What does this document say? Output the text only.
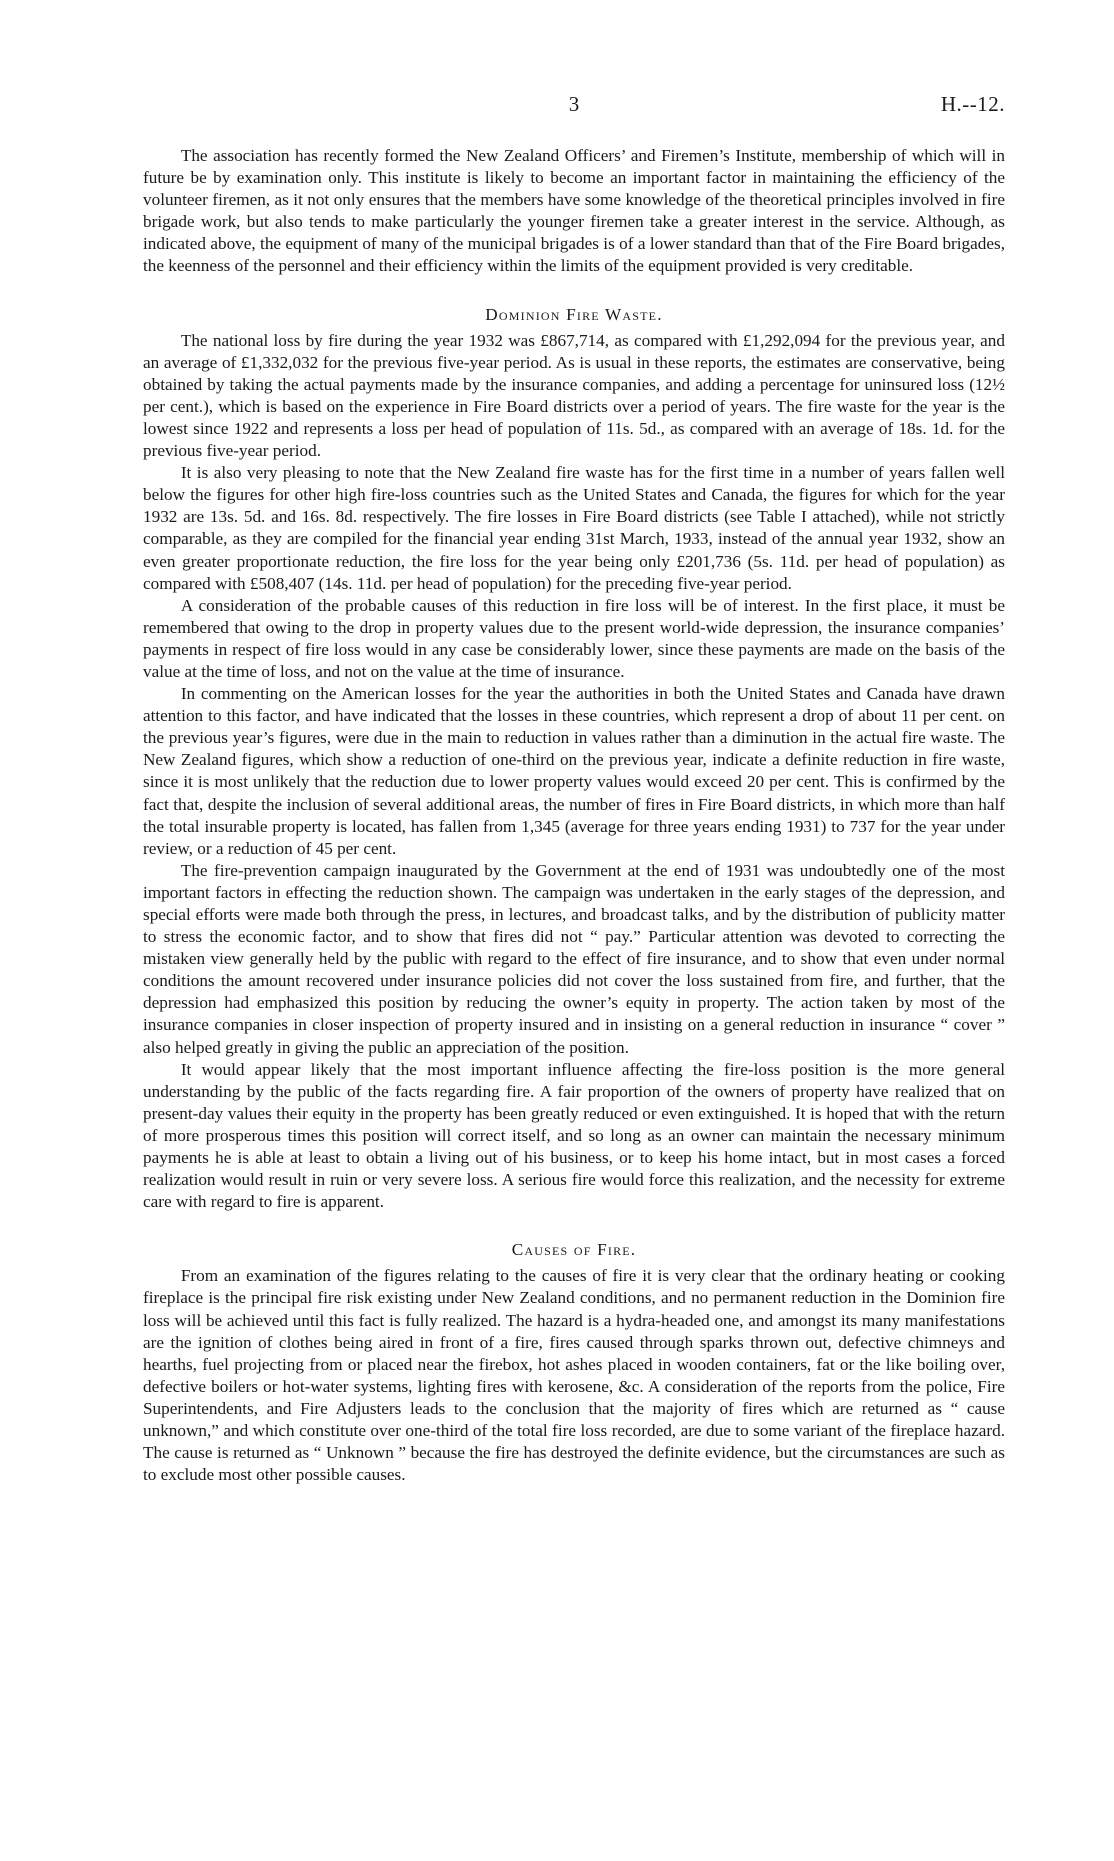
3	H.--12.

The association has recently formed the New Zealand Officers’ and Firemen’s Institute, membership of which will in future be by examination only. This institute is likely to become an important factor in maintaining the efficiency of the volunteer firemen, as it not only ensures that the members have some knowledge of the theoretical principles involved in fire brigade work, but also tends to make particularly the younger firemen take a greater interest in the service. Although, as indicated above, the equipment of many of the municipal brigades is of a lower standard than that of the Fire Board brigades, the keenness of the personnel and their efficiency within the limits of the equipment provided is very creditable.

Dominion Fire Waste.

The national loss by fire during the year 1932 was £867,714, as compared with £1,292,094 for the previous year, and an average of £1,332,032 for the previous five-year period. As is usual in these reports, the estimates are conservative, being obtained by taking the actual payments made by the insurance companies, and adding a percentage for uninsured loss (12½ per cent.), which is based on the experience in Fire Board districts over a period of years. The fire waste for the year is the lowest since 1922 and represents a loss per head of population of 11s. 5d., as compared with an average of 18s. 1d. for the previous five-year period.

It is also very pleasing to note that the New Zealand fire waste has for the first time in a number of years fallen well below the figures for other high fire-loss countries such as the United States and Canada, the figures for which for the year 1932 are 13s. 5d. and 16s. 8d. respectively. The fire losses in Fire Board districts (see Table I attached), while not strictly comparable, as they are compiled for the financial year ending 31st March, 1933, instead of the annual year 1932, show an even greater proportionate reduction, the fire loss for the year being only £201,736 (5s. 11d. per head of population) as compared with £508,407 (14s. 11d. per head of population) for the preceding five-year period.

A consideration of the probable causes of this reduction in fire loss will be of interest. In the first place, it must be remembered that owing to the drop in property values due to the present world-wide depression, the insurance companies’ payments in respect of fire loss would in any case be considerably lower, since these payments are made on the basis of the value at the time of loss, and not on the value at the time of insurance.

In commenting on the American losses for the year the authorities in both the United States and Canada have drawn attention to this factor, and have indicated that the losses in these countries, which represent a drop of about 11 per cent. on the previous year’s figures, were due in the main to reduction in values rather than a diminution in the actual fire waste. The New Zealand figures, which show a reduction of one-third on the previous year, indicate a definite reduction in fire waste, since it is most unlikely that the reduction due to lower property values would exceed 20 per cent. This is confirmed by the fact that, despite the inclusion of several additional areas, the number of fires in Fire Board districts, in which more than half the total insurable property is located, has fallen from 1,345 (average for three years ending 1931) to 737 for the year under review, or a reduction of 45 per cent.

The fire-prevention campaign inaugurated by the Government at the end of 1931 was undoubtedly one of the most important factors in effecting the reduction shown. The campaign was undertaken in the early stages of the depression, and special efforts were made both through the press, in lectures, and broadcast talks, and by the distribution of publicity matter to stress the economic factor, and to show that fires did not “ pay.” Particular attention was devoted to correcting the mistaken view generally held by the public with regard to the effect of fire insurance, and to show that even under normal conditions the amount recovered under insurance policies did not cover the loss sustained from fire, and further, that the depression had emphasized this position by reducing the owner’s equity in property. The action taken by most of the insurance companies in closer inspection of property insured and in insisting on a general reduction in insurance “ cover ” also helped greatly in giving the public an appreciation of the position.

It would appear likely that the most important influence affecting the fire-loss position is the more general understanding by the public of the facts regarding fire. A fair proportion of the owners of property have realized that on present-day values their equity in the property has been greatly reduced or even extinguished. It is hoped that with the return of more prosperous times this position will correct itself, and so long as an owner can maintain the necessary minimum payments he is able at least to obtain a living out of his business, or to keep his home intact, but in most cases a forced realization would result in ruin or very severe loss. A serious fire would force this realization, and the necessity for extreme care with regard to fire is apparent.

Causes of Fire.

From an examination of the figures relating to the causes of fire it is very clear that the ordinary heating or cooking fireplace is the principal fire risk existing under New Zealand conditions, and no permanent reduction in the Dominion fire loss will be achieved until this fact is fully realized. The hazard is a hydra-headed one, and amongst its many manifestations are the ignition of clothes being aired in front of a fire, fires caused through sparks thrown out, defective chimneys and hearths, fuel projecting from or placed near the firebox, hot ashes placed in wooden containers, fat or the like boiling over, defective boilers or hot-water systems, lighting fires with kerosene, &c. A consideration of the reports from the police, Fire Superintendents, and Fire Adjusters leads to the conclusion that the majority of fires which are returned as “ cause unknown,” and which constitute over one-third of the total fire loss recorded, are due to some variant of the fireplace hazard. The cause is returned as “ Unknown ” because the fire has destroyed the definite evidence, but the circumstances are such as to exclude most other possible causes.
